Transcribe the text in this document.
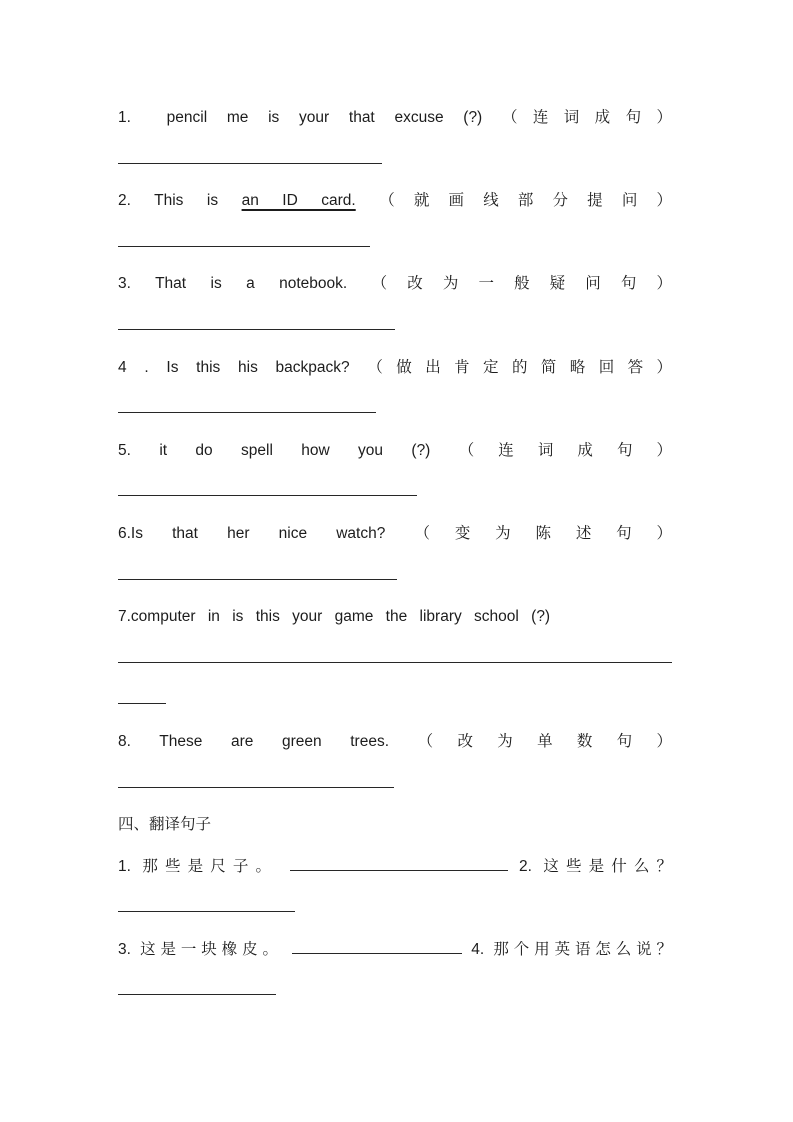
1. pencil me is your that excuse (?) （连词成句）
2. This is an ID card. （就画线部分提问）
3. That is a notebook. （改为一般疑问句）
4 . Is this his backpack? （做出肯定的简略回答）
5. it do spell how you (?) （连词成句）
6.Is that her nice watch? （变为陈述句）
7.computer in is this your game the library school (?)
8. These are green trees. （改为单数句）
四、翻译句子
1. 那些是尺子。	2. 这些是什么？
3. 这是一块橡皮。	4. 那个用英语怎么说？
